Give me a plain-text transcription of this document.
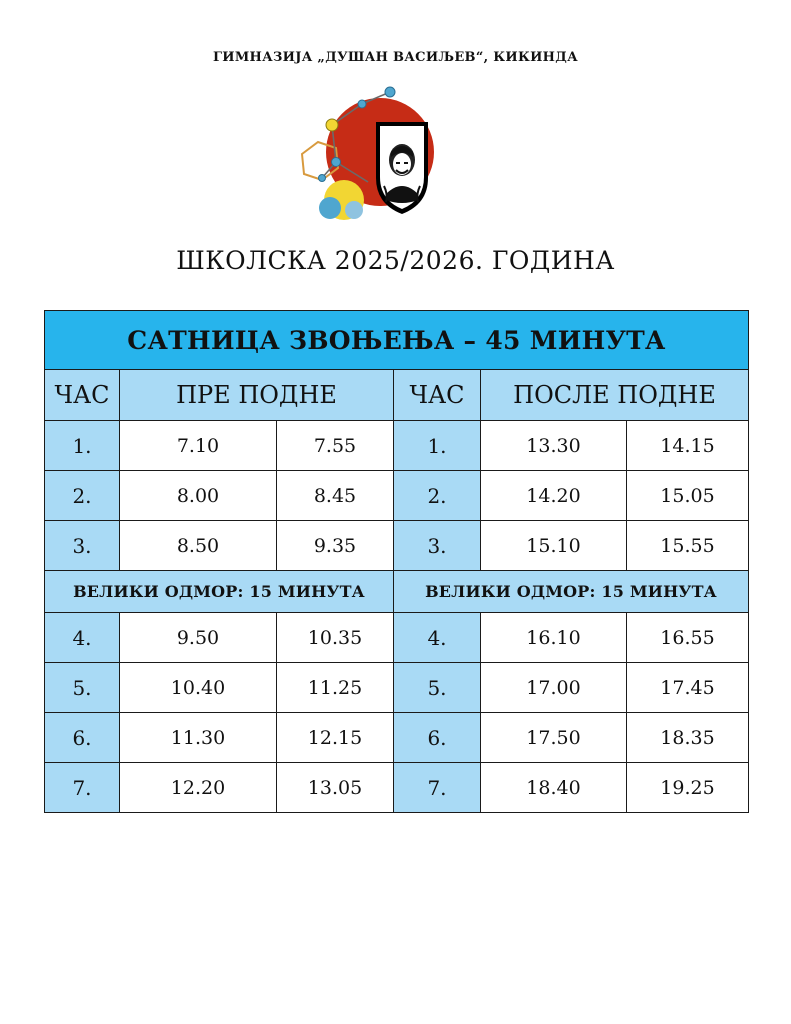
ГИМНАЗИЈА „ДУШАН ВАСИЉЕВ“, КИКИНДА
ШКОЛСКА 2025/2026. ГОДИНА
САТНИЦА ЗВОЊЕЊА – 45 МИНУТА					
ЧАС	ПРЕ ПОДНЕ		ЧАС	ПОСЛЕ ПОДНЕ	
1.	7.10	7.55	1.	13.30	14.15
2.	8.00	8.45	2.	14.20	15.05
3.	8.50	9.35	3.	15.10	15.55
ВЕЛИКИ ОДМОР: 15 МИНУТА			ВЕЛИКИ ОДМОР: 15 МИНУТА		
4.	9.50	10.35	4.	16.10	16.55
5.	10.40	11.25	5.	17.00	17.45
6.	11.30	12.15	6.	17.50	18.35
7.	12.20	13.05	7.	18.40	19.25
